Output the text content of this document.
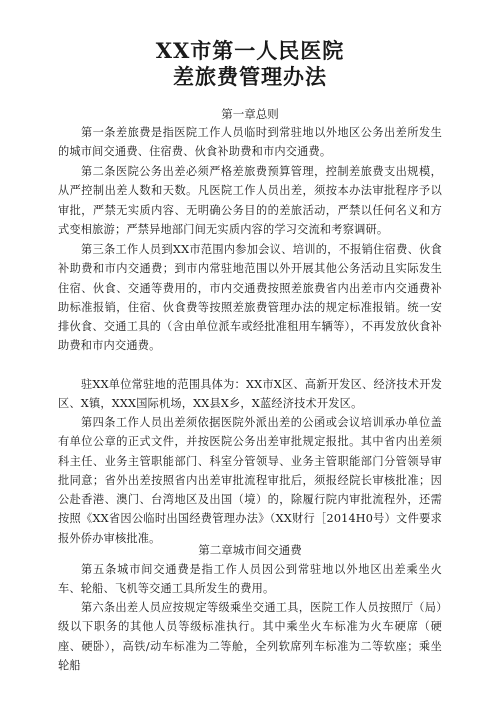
XX市第一人民医院
差旅费管理办法
第一章总则

第一条差旅费是指医院工作人员临时到常驻地以外地区公务出差所发生的城市间交通费、住宿费、伙食补助费和市内交通费。

第二条医院公务出差必须严格差旅费预算管理，控制差旅费支出规模，从严控制出差人数和天数。凡医院工作人员出差，须按本办法审批程序予以审批，严禁无实质内容、无明确公务目的的差旅活动，严禁以任何名义和方式变相旅游；严禁异地部门间无实质内容的学习交流和考察调研。

第三条工作人员到XX市范围内参加会议、培训的，不报销住宿费、伙食补助费和市内交通费；到市内常驻地范围以外开展其他公务活动且实际发生住宿、伙食、交通等费用的，市内交通费按照差旅费省内出差市内交通费补助标准报销，住宿、伙食费等按照差旅费管理办法的规定标准报销。统一安排伙食、交通工具的（含由单位派车或经批准租用车辆等），不再发放伙食补助费和市内交通费。

驻XX单位常驻地的范围具体为：XX市X区、高新开发区、经济技术开发区、X镇，XXX国际机场，XX县X乡，X蓝经济技术开发区。

第四条工作人员出差须依据医院外派出差的公函或会议培训承办单位盖有单位公章的正式文件，并按医院公务出差审批规定报批。其中省内出差须科主任、业务主管职能部门、科室分管领导、业务主管职能部门分管领导审批同意；省外出差按照省内出差审批流程审批后，须报经院长审核批准；因公赴香港、澳门、台湾地区及出国（境）的，除履行院内审批流程外，还需按照《XX省因公临时出国经费管理办法》（XX财行［2014H0号）文件要求报外侨办审核批准。

第二章城市间交通费

第五条城市间交通费是指工作人员因公到常驻地以外地区出差乘坐火车、轮船、飞机等交通工具所发生的费用。

第六条出差人员应按规定等级乘坐交通工具，医院工作人员按照厅（局）级以下职务的其他人员等级标准执行。其中乘坐火车标准为火车硬席（硬座、硬卧），高铁/动车标准为二等舱，全列软席列车标准为二等软座；乘坐轮船
